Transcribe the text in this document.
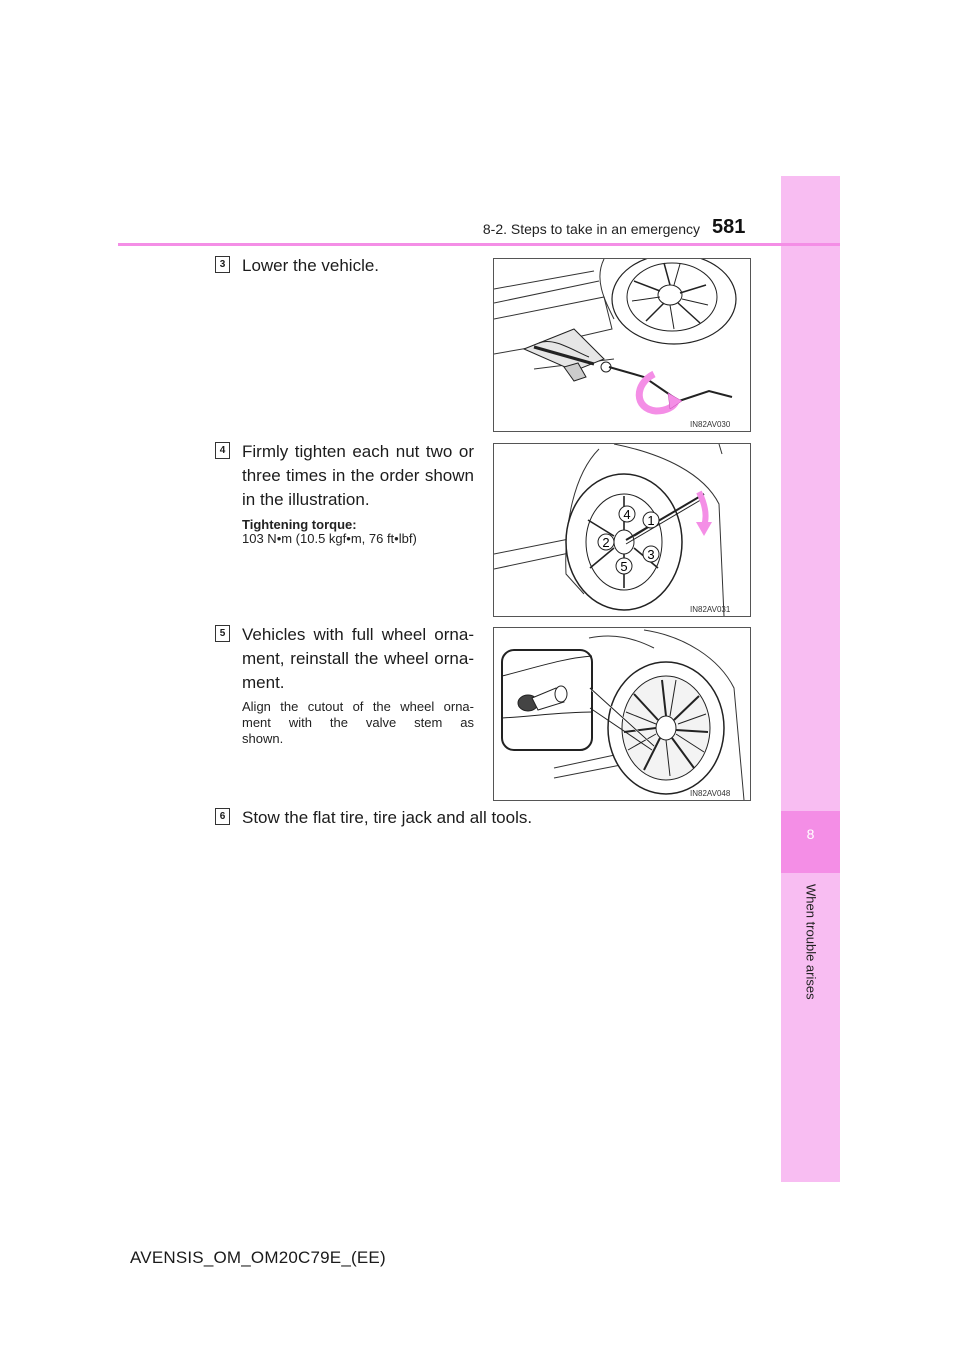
8
When trouble arises
8-2. Steps to take in an emergency 581
3 Lower the vehicle.
IN82AV030
4 Firmly tighten each nut two or
three times in the order shown
in the illustration.
Tightening torque:
103 N•m (10.5 kgf•m, 76 ft•lbf)
1
2
3
4
5
IN82AV031
5 Vehicles with full wheel orna-
ment, reinstall the wheel orna-
ment.
Align the cutout of the wheel orna-
ment with the valve stem as
shown.
IN82AV048
6 Stow the flat tire, tire jack and all tools.
AVENSIS_OM_OM20C79E_(EE)
